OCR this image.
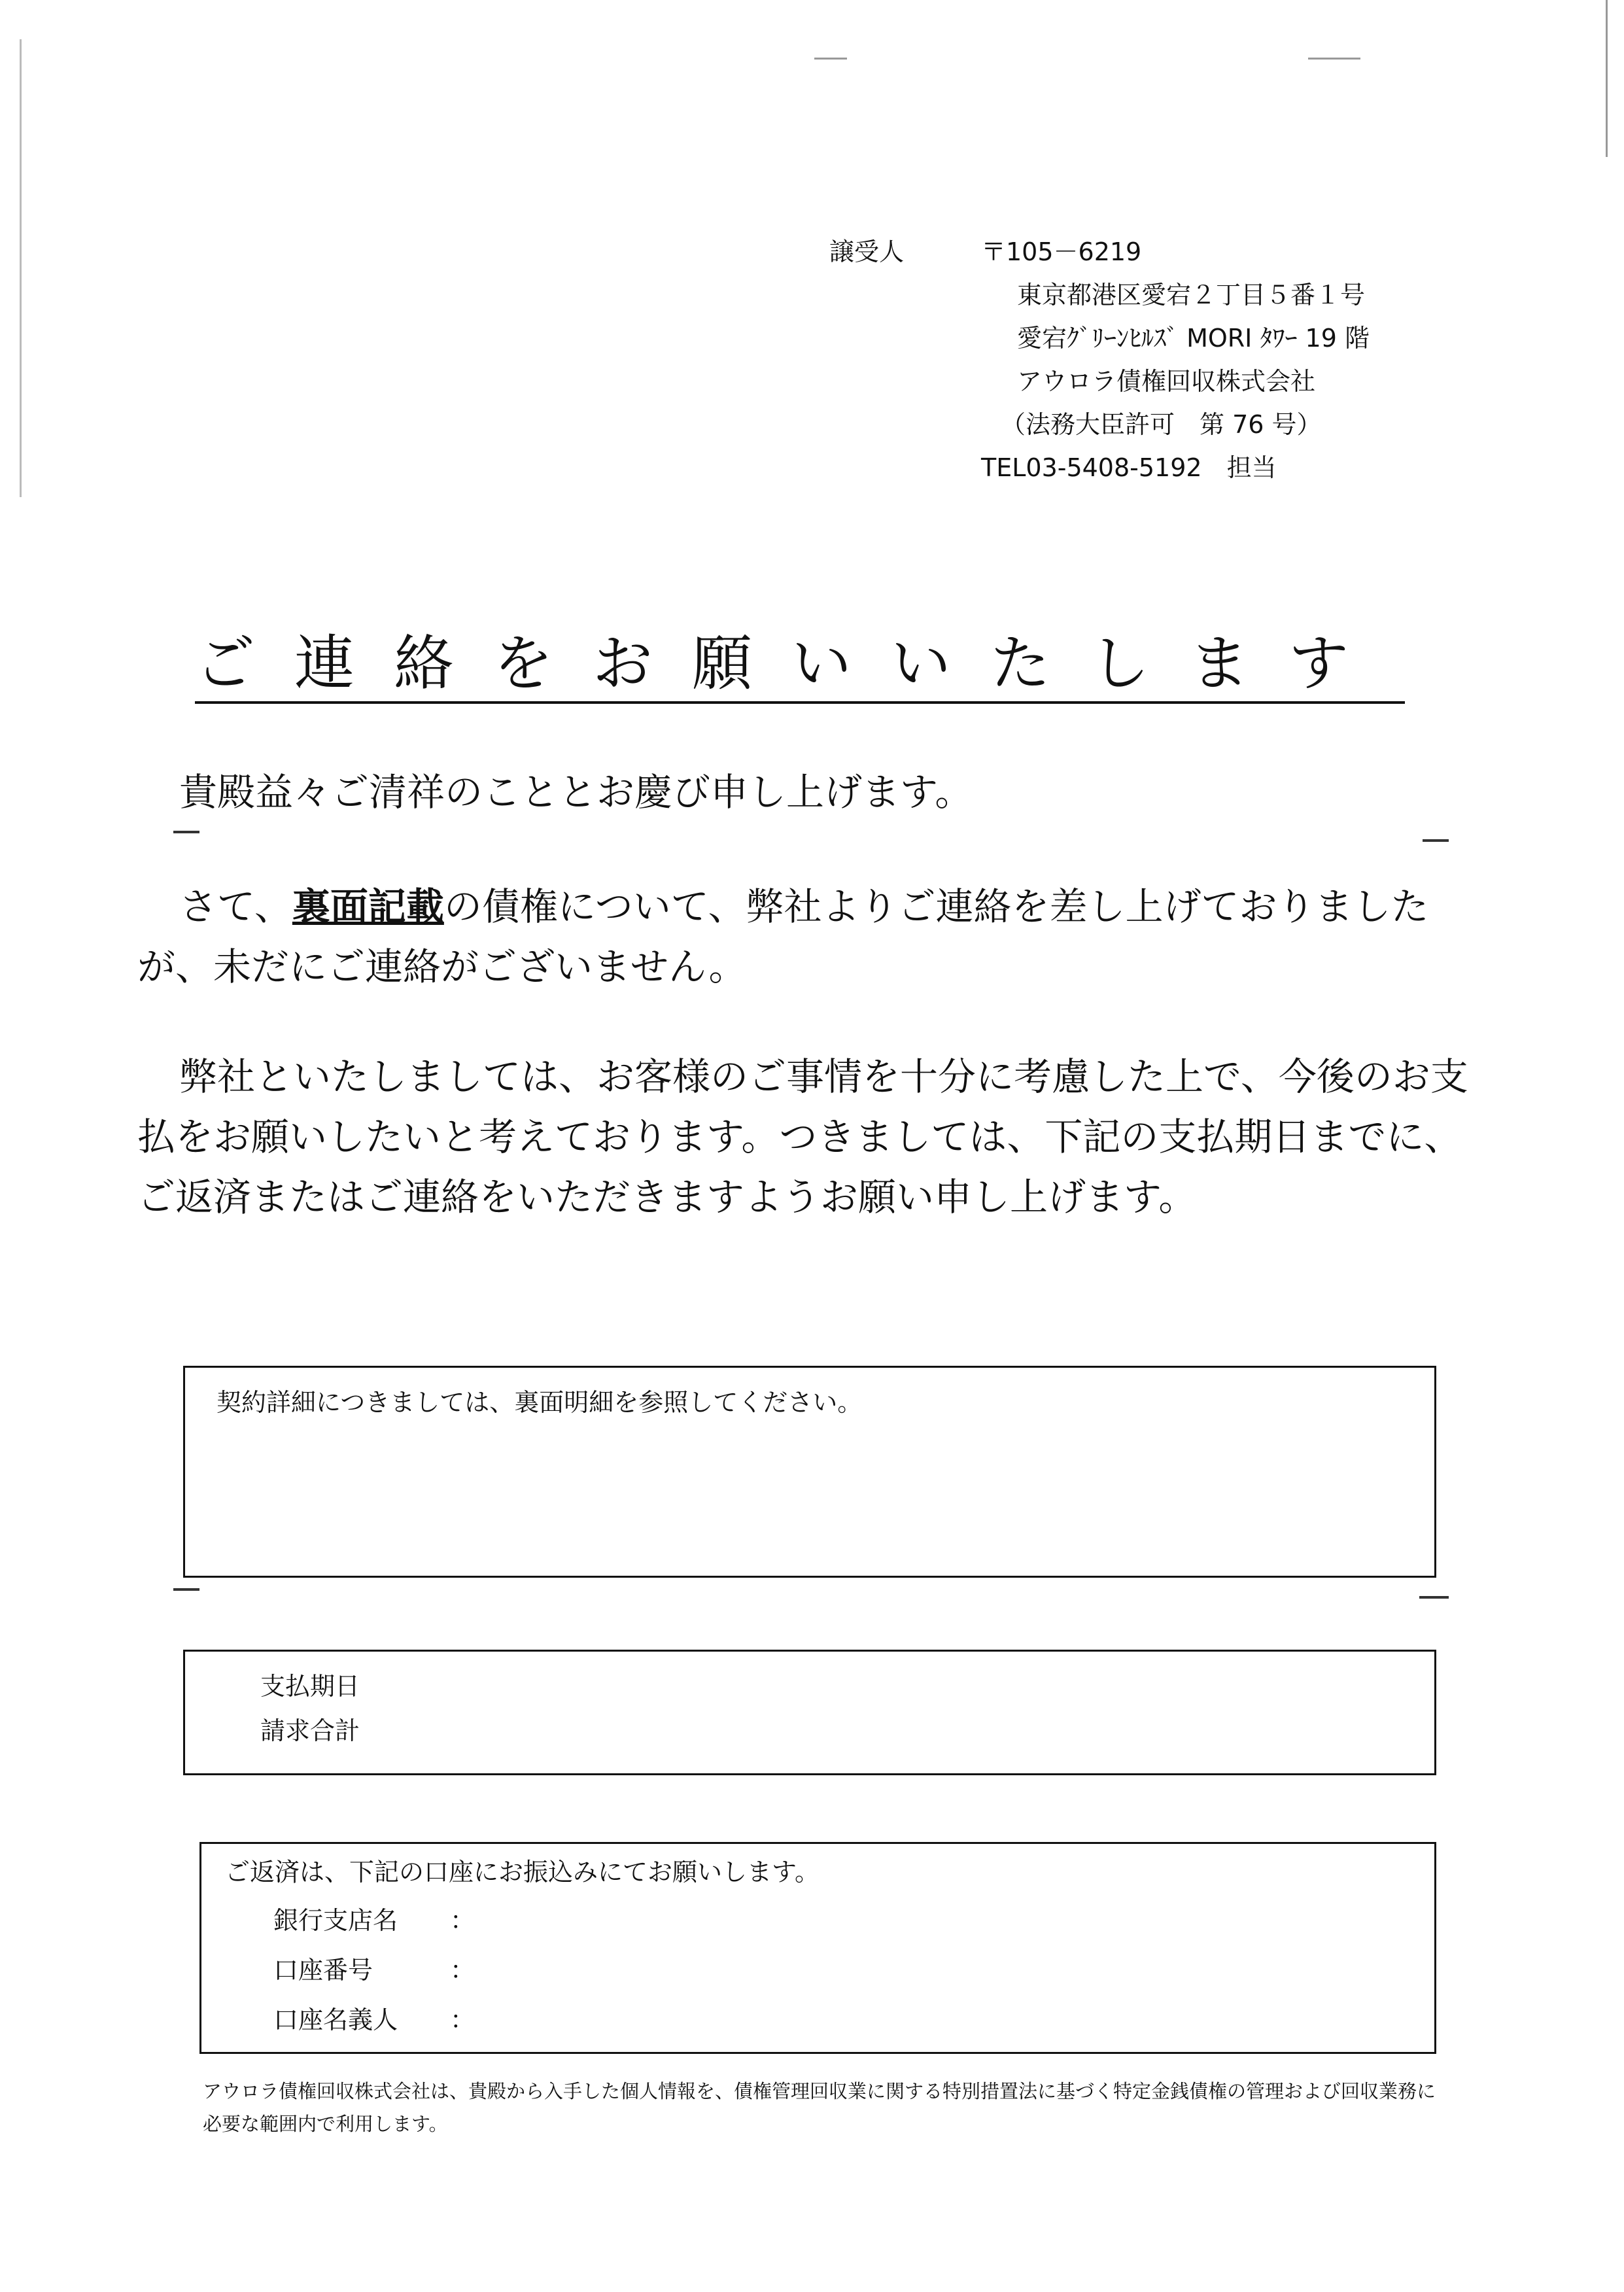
譲受人	〒105－6219
東京都港区愛宕２丁目５番１号
愛宕ｸﾞﾘｰﾝﾋﾙｽﾞ MORI ﾀﾜｰ 19 階
アウロラ債権回収株式会社
（法務大臣許可　第 76 号）
TEL03-5408-5192　担当
ご連絡をお願いいたします
貴殿益々ご清祥のこととお慶び申し上げます。
さて、裏面記載の債権について、弊社よりご連絡を差し上げておりましたが、未だにご連絡がございません。
弊社といたしましては、お客様のご事情を十分に考慮した上で、今後のお支払をお願いしたいと考えております。つきましては、下記の支払期日までに、ご返済またはご連絡をいただきますようお願い申し上げます。
契約詳細につきましては、裏面明細を参照してください。
支払期日
請求合計
ご返済は、下記の口座にお振込みにてお願いします。
銀行支店名 ：
口座番号	：
口座名義人 ：
アウロラ債権回収株式会社は、貴殿から入手した個人情報を、債権管理回収業に関する特別措置法に基づく特定金銭債権の管理および回収業務に必要な範囲内で利用します。
